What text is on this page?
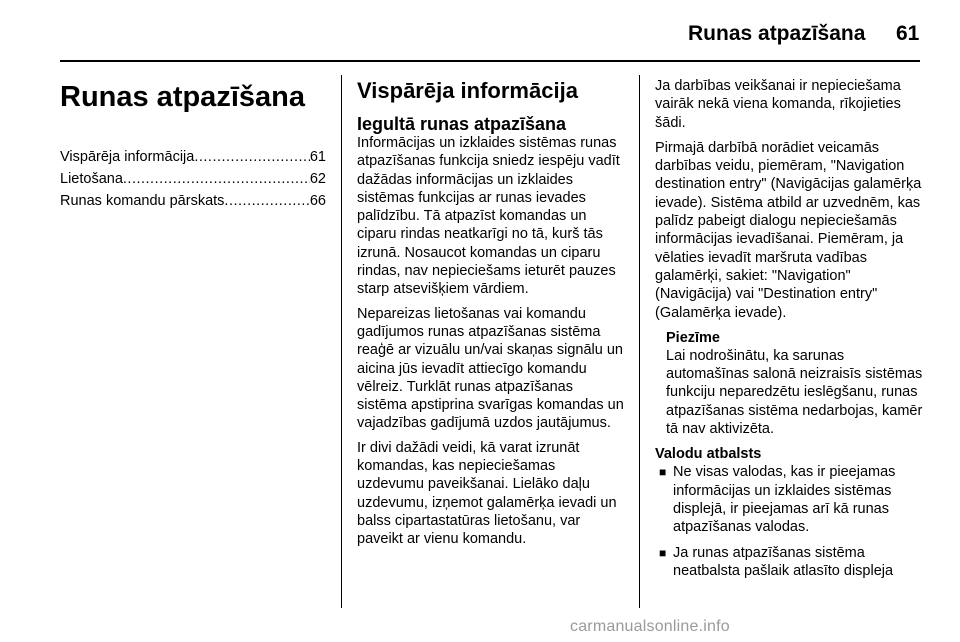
Runas atpazīšana 61
Runas atpazīšana
Vispārēja informācija .....	61
Lietošana .....	62
Runas komandu pārskats .....	66
Vispārēja informācija
Iegultā runas atpazīšana

Informācijas un izklaides sistēmas runas atpazīšanas funkcija sniedz iespēju vadīt dažādas informācijas un izklaides sistēmas funkcijas ar runas ievades palīdzību. Tā atpazīst komandas un ciparu rindas neatkarīgi no tā, kurš tās izrunā. Nosaucot komandas un ciparu rindas, nav nepieciešams ieturēt pauzes starp atsevišķiem vārdiem.

Nepareizas lietošanas vai komandu gadījumos runas atpazīšanas sistēma reaģē ar vizuālu un/vai skaņas signālu un aicina jūs ievadīt attiecīgo komandu vēlreiz. Turklāt runas atpazīšanas sistēma apstiprina svarīgas komandas un vajadzības gadījumā uzdos jautājumus.

Ir divi dažādi veidi, kā varat izrunāt komandas, kas nepieciešamas uzdevumu paveikšanai. Lielāko daļu uzdevumu, izņemot galamērķa ievadi un balss cipartastatūras lietošanu, var paveikt ar vienu komandu.

Ja darbības veikšanai ir nepieciešama vairāk nekā viena komanda, rīkojieties šādi.

Pirmajā darbībā norādiet veicamās darbības veidu, piemēram, "Navigation destination entry" (Navigācijas galamērķa ievade). Sistēma atbild ar uzvednēm, kas palīdz pabeigt dialogu nepieciešamās informācijas ievadīšanai. Piemēram, ja vēlaties ievadīt maršruta vadības galamērķi, sakiet: "Navigation" (Navigācija) vai "Destination entry" (Galamērķa ievade).

Piezīme

Lai nodrošinātu, ka sarunas automašīnas salonā neizraisīs sistēmas funkciju neparedzētu ieslēgšanu, runas atpazīšanas sistēma nedarbojas, kamēr tā nav aktivizēta.

Valodu atbalsts
■ Ne visas valodas, kas ir pieejamas informācijas un izklaides sistēmas displejā, ir pieejamas arī kā runas atpazīšanas valodas.

■ Ja runas atpazīšanas sistēma neatbalsta pašlaik atlasīto displeja

carmanualsonline.info
